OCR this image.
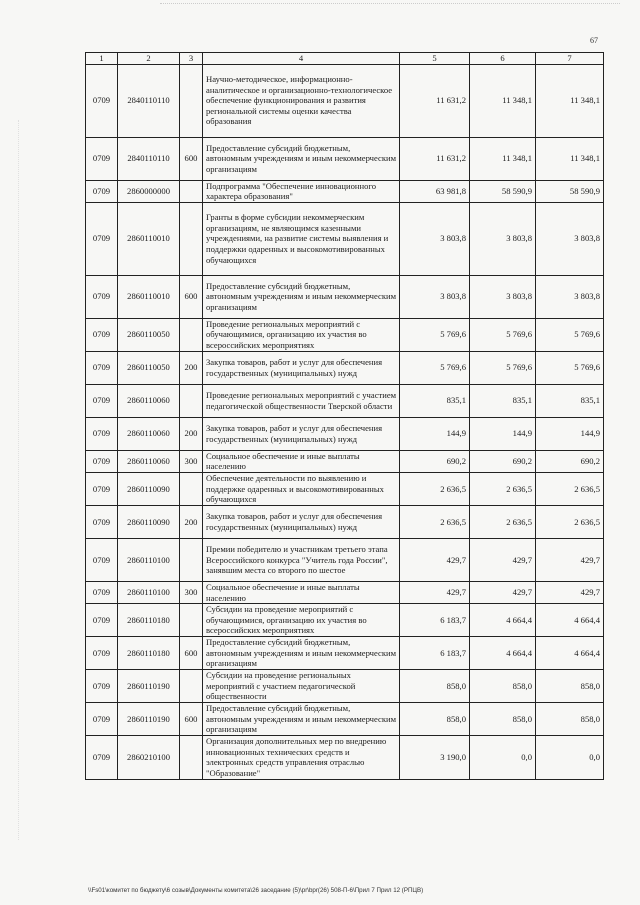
67
1	2	3	4	5	6	7
0709	2840110110		Научно-методическое, информационно-аналитическое и организационно-технологическое обеспечение функционирования и развития региональной системы оценки качества образования	11 631,2	11 348,1	11 348,1
0709	2840110110	600	Предоставление субсидий бюджетным, автономным учреждениям и иным некоммерческим организациям	11 631,2	11 348,1	11 348,1
0709	2860000000		Подпрограмма "Обеспечение инновационного характера образования"	63 981,8	58 590,9	58 590,9
0709	2860110010		Гранты в форме субсидии некоммерческим организациям, не являющимся казенными учреждениями, на развитие системы выявления и поддержки одаренных и высокомотивированных обучающихся	3 803,8	3 803,8	3 803,8
0709	2860110010	600	Предоставление субсидий бюджетным, автономным учреждениям и иным некоммерческим организациям	3 803,8	3 803,8	3 803,8
0709	2860110050		Проведение региональных мероприятий с обучающимися, организацию их участия во всероссийских мероприятиях	5 769,6	5 769,6	5 769,6
0709	2860110050	200	Закупка товаров, работ и услуг для обеспечения государственных (муниципальных) нужд	5 769,6	5 769,6	5 769,6
0709	2860110060		Проведение региональных мероприятий с участием педагогической общественности Тверской области	835,1	835,1	835,1
0709	2860110060	200	Закупка товаров, работ и услуг для обеспечения государственных (муниципальных) нужд	144,9	144,9	144,9
0709	2860110060	300	Социальное обеспечение и иные выплаты населению	690,2	690,2	690,2
0709	2860110090		Обеспечение деятельности по выявлению и поддержке одаренных и высокомотивированных обучающихся	2 636,5	2 636,5	2 636,5
0709	2860110090	200	Закупка товаров, работ и услуг для обеспечения государственных (муниципальных) нужд	2 636,5	2 636,5	2 636,5
0709	2860110100		Премии победителю и участникам третьего этапа Всероссийского конкурса "Учитель года России", занявшим места со второго по шестое	429,7	429,7	429,7
0709	2860110100	300	Социальное обеспечение и иные выплаты населению	429,7	429,7	429,7
0709	2860110180		Субсидии на проведение мероприятий с обучающимися, организацию их участия во всероссийских мероприятиях	6 183,7	4 664,4	4 664,4
0709	2860110180	600	Предоставление субсидий бюджетным, автономным учреждениям и иным некоммерческим организациям	6 183,7	4 664,4	4 664,4
0709	2860110190		Субсидии на проведение региональных мероприятий с участием педагогической общественности	858,0	858,0	858,0
0709	2860110190	600	Предоставление субсидий бюджетным, автономным учреждениям и иным некоммерческим организациям	858,0	858,0	858,0
0709	2860210100		Организация дополнительных мер по внедрению инновационных технических средств и электронных средств управления отраслью "Образование"	3 190,0	0,0	0,0
\\Fs01\комитет по бюджету\6 созыв\Документы комитета\26 заседание (5)\pr\bpr(26) 508-П-6\Прил 7 Прил 12 (РПЦВ)
